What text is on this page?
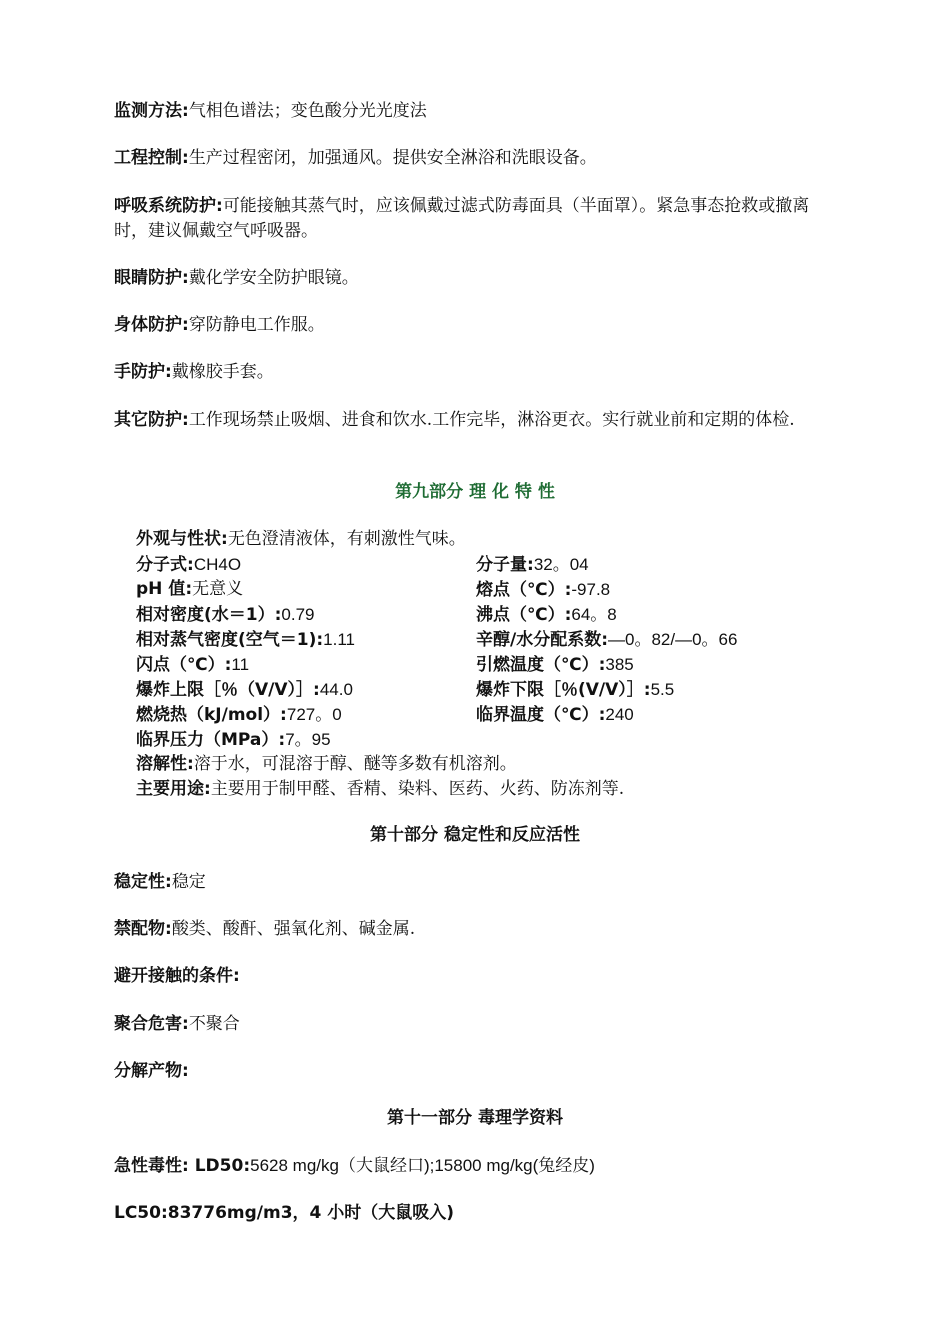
监测方法:气相色谱法；变色酸分光光度法
工程控制:生产过程密闭，加强通风。提供安全淋浴和洗眼设备。
呼吸系统防护:可能接触其蒸气时，应该佩戴过滤式防毒面具（半面罩）。紧急事态抢救或撤离时，建议佩戴空气呼吸器。
眼睛防护:戴化学安全防护眼镜。
身体防护:穿防静电工作服。
手防护:戴橡胶手套。
其它防护:工作现场禁止吸烟、进食和饮水.工作完毕，淋浴更衣。实行就业前和定期的体检.
第九部分 理 化 特 性
外观与性状:无色澄清液体，有刺激性气味。
分子式:CH4O	分子量:32。04
pH 值:无意义	熔点（℃）:-97.8
相对密度(水＝1）:0.79	沸点（℃）:64。8
相对蒸气密度(空气＝1):1.11	辛醇/水分配系数:—0。82/—0。66
闪点（℃）:11	引燃温度（℃）:385
爆炸上限［％（V/V）］:44.0	爆炸下限［％(V/V）］:5.5
燃烧热（kJ/mol）:727。0	临界温度（℃）:240
临界压力（MPa）:7。95
溶解性:溶于水，可混溶于醇、醚等多数有机溶剂。
主要用途:主要用于制甲醛、香精、染料、医药、火药、防冻剂等.
第十部分 稳定性和反应活性
稳定性:稳定
禁配物:酸类、酸酐、强氧化剂、碱金属.
避开接触的条件:
聚合危害:不聚合
分解产物:
第十一部分 毒理学资料
急性毒性: LD50:5628 mg/kg（大鼠经口);15800 mg/kg(兔经皮)
LC50:83776mg/m3，4 小时（大鼠吸入)
